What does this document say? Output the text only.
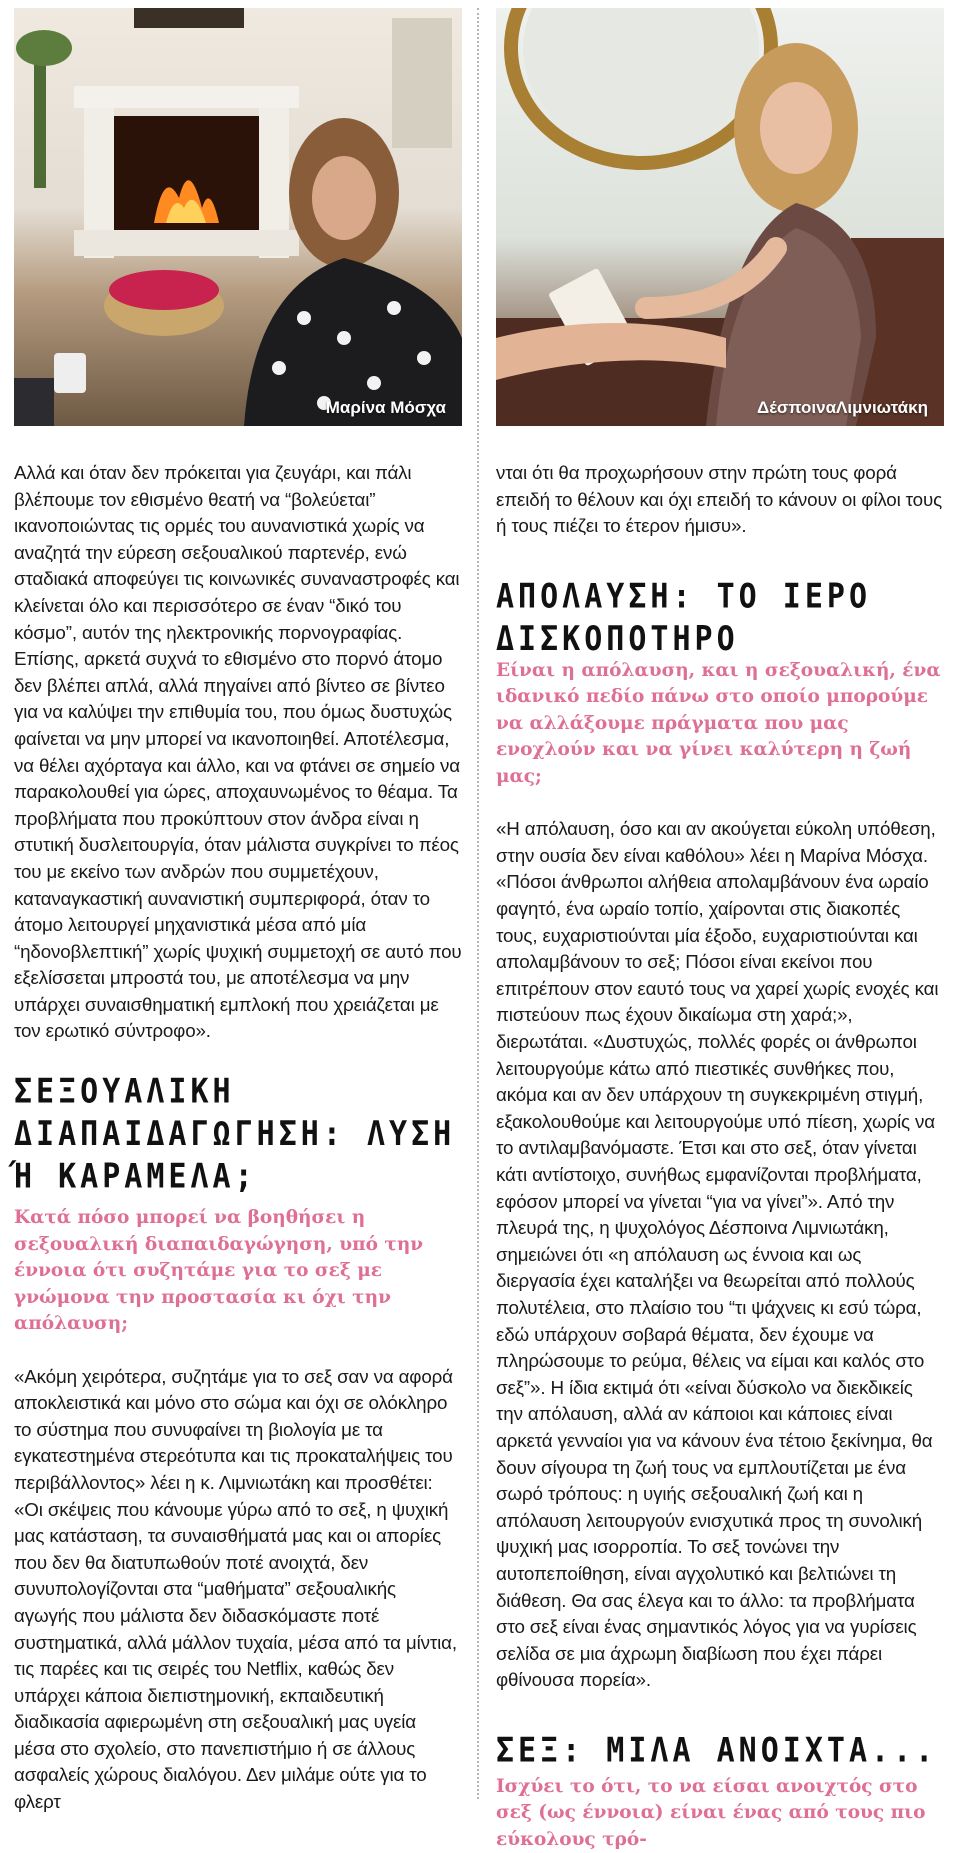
Μαρίνα Μόσχα

Αλλά και όταν δεν πρόκειται για ζευγάρι, και πάλι βλέπουμε τον εθισμένο θεατή να “βολεύεται” ικανοποιώντας τις ορμές του αυναvιστικά χωρίς να αναζητά την εύρεση σεξουαλικού παρτενέρ, ενώ σταδιακά αποφεύγει τις κοινωνικές συναναστροφές και κλείνεται όλο και περισσότερο σε έναν “δικό του κόσμο”, αυτόν της ηλεκτρονικής πορνογραφίας. Επίσης, αρκετά συχνά το εθισμένο στο πορνό άτομο δεν βλέπει απλά, αλλά πηγαίνει από βίντεο σε βίντεο για να καλύψει την επιθυμία του, που όμως δυστυχώς φαίνεται να μην μπορεί να ικανοποιηθεί. Αποτέλεσμα, να θέλει αχόρταγα και άλλο, και να φτάνει σε σημείο να παρακολουθεί για ώρες, αποχαυνωμένος το θέαμα. Τα προβλήματα που προκύπτουν στον άνδρα είναι η στυτική δυσλειτουργία, όταν μάλιστα συγκρίνει το πέος του με εκείνο των ανδρών που συμμετέχουν, καταναγκαστική αυναvιστική συμπεριφορά, όταν το άτομο λειτουργεί μηχανιστικά μέσα από μία “ηδονοβλεπτική” χωρίς ψυχική συμμετοχή σε αυτό που εξελίσσεται μπροστά του, με αποτέλεσμα να μην υπάρχει συναισθηματική εμπλοκή που χρειάζεται με τον ερωτικό σύντροφο».

ΣΕΞΟΥΑΛΙΚΗ ΔΙΑΠΑΙΔΑΓΩΓΗΣΗ: ΛΥΣΗ Ή ΚΑΡΑΜΕΛΑ;

Κατά πόσο μπορεί να βοηθήσει η σεξουαλική διαπαιδαγώγηση, υπό την έννοια ότι συζητάμε για το σεξ με γνώμονα την προστασία κι όχι την απόλαυση;

«Ακόμη χειρότερα, συζητάμε για το σεξ σαν να αφορά αποκλειστικά και μόνο στο σώμα και όχι σε ολόκληρο το σύστημα που συνυφαίνει τη βιολογία με τα εγκατεστημένα στερεότυπα και τις προκαταλήψεις του περιβάλλοντος» λέει η κ. Λιμνιωτάκη και προσθέτει: «Οι σκέψεις που κάνουμε γύρω από το σεξ, η ψυχική μας κατάσταση, τα συναισθήματά μας και οι απορίες που δεν θα διατυπωθούν ποτέ ανοιχτά, δεν συνυπολογίζονται στα “μαθήματα” σεξουαλικής αγωγής που μάλιστα δεν διδασκόμαστε ποτέ συστηματικά, αλλά μάλλον τυχαία, μέσα από τα μίντια, τις παρέες και τις σειρές του Netflix, καθώς δεν υπάρχει κάποια διεπιστημονική, εκπαιδευτική διαδικασία αφιερωμένη στη σεξουαλική μας υγεία μέσα στο σχολείο, στο πανεπιστήμιο ή σε άλλους ασφαλείς χώρους διαλόγου. Δεν μιλάμε ούτε για το φλερτ

ΔέσποιναΛιμνιωτάκη

νται ότι θα προχωρήσουν στην πρώτη τους φορά επειδή το θέλουν και όχι επειδή το κάνουν οι φίλοι τους ή τους πιέζει το έτερον ήμισυ».

ΑΠΟΛΑΥΣΗ: ΤΟ ΙΕΡΟ ΔΙΣΚΟΠΟΤΗΡΟ

Είναι η απόλαυση, και η σεξουαλική, ένα ιδανικό πεδίο πάνω στο οποίο μπορούμε να αλλάξουμε πράγματα που μας ενοχλούν και να γίνει καλύτερη η ζωή μας;

«Η απόλαυση, όσο και αν ακούγεται εύκολη υπόθεση, στην ουσία δεν είναι καθόλου» λέει η Μαρίνα Μόσχα. «Πόσοι άνθρωποι αλήθεια απολαμβάνουν ένα ωραίο φαγητό, ένα ωραίο τοπίο, χαίρονται στις διακοπές τους, ευχαριστιούνται μία έξοδο, ευχαριστιούνται και απολαμβάνουν το σεξ; Πόσοι είναι εκείνοι που επιτρέπουν στον εαυτό τους να χαρεί χωρίς ενοχές και πιστεύουν πως έχουν δικαίωμα στη χαρά;», διερωτάται. «Δυστυχώς, πολλές φορές οι άνθρωποι λειτουργούμε κάτω από πιεστικές συνθήκες που, ακόμα και αν δεν υπάρχουν τη συγκεκριμένη στιγμή, εξακολουθούμε και λειτουργούμε υπό πίεση, χωρίς να το αντιλαμβανόμαστε. Έτσι και στο σεξ, όταν γίνεται κάτι αντίστοιχο, συνήθως εμφανίζονται προβλήματα, εφόσον μπορεί να γίνεται “για να γίνει”». Από την πλευρά της, η ψυχολόγος Δέσποινα Λιμνιωτάκη, σημειώνει ότι «η απόλαυση ως έννοια και ως διεργασία έχει καταλήξει να θεωρείται από πολλούς πολυτέλεια, στο πλαίσιο του “τι ψάχνεις κι εσύ τώρα, εδώ υπάρχουν σοβαρά θέματα, δεν έχουμε να πληρώσουμε το ρεύμα, θέλεις να είμαι και καλός στο σεξ”». Η ίδια εκτιμά ότι «είναι δύσκολο να διεκδικείς την απόλαυση, αλλά αν κάποιοι και κάποιες είναι αρκετά γενναίοι για να κάνουν ένα τέτοιο ξεκίνημα, θα δουν σίγουρα τη ζωή τους να εμπλουτίζεται με ένα σωρό τρόπους: η υγιής σεξουαλική ζωή και η απόλαυση λειτουργούν ενισχυτικά προς τη συνολική ψυχική μας ισορροπία. Το σεξ τονώνει την αυτοπεποίθηση, είναι αγχολυτικό και βελτιώνει τη διάθεση. Θα σας έλεγα και το άλλο: τα προβλήματα στο σεξ είναι ένας σημαντικός λόγος για να γυρίσεις σελίδα σε μια άχρωμη διαβίωση που έχει πάρει φθίνουσα πορεία».

ΣΕΞ: ΜΙΛΑ ΑΝΟΙΧΤΑ...

Ισχύει το ότι, το να είσαι ανοιχτός στο σεξ (ως έννοια) είναι ένας από τους πιο εύκολους τρό-
